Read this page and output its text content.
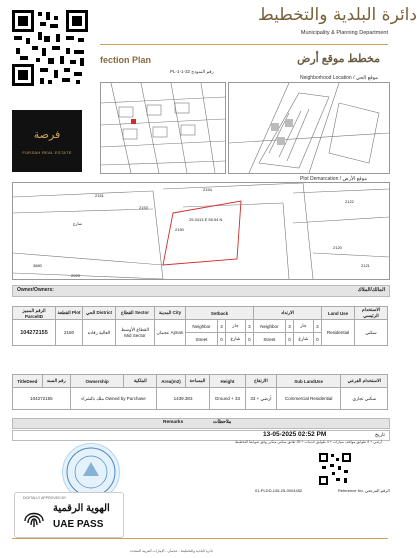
فرصة
FURSAH REAL ESTATE
دائرة البلدية والتخطيط
Municipality & Planning Department
fection Plan	مخطط موقع أرض
PL-1-1-32 رقم النموذج
Neighborhood Location / موقع الحي
Plot Demarcation / موقع الأرض
2151
2153
2150
2154
2122
2120
2121
2023
3880
شارع
25.3413 E 55.54 N
Owner/Owners:	المالك/الملاك
الرقم المميز ParcelID	القطعة Plot	الحي District	القطاع Sector	المدينة City	Setback				الارتداد				Land Use	الاستخدام الرئيسي
104272155	2150	العالية رقاده	القطاع الأوسط Mid Sector	عجمان Ajman	Neighbor	3	جار	3	Neighbor	3	جار	3	Residential	سكني
					Street	0	شارع	0	Street	0	شارع	0		
TitleDeed	رقم السند	Ownership	الملكية	Area(m2)	المساحة	Height	الارتفاع	Sub LandUse	الاستخدام الفرعي
104272155		ملك بالشراء Owned by Purchase		1439.383		Ground + 33	أرضي + 33	Commercial Residential	سكني تجاري
Remarks	ملاحظات
13-05-2025 02:52 PM	تاريخ
أرضي + 4 طوابق مواقف سيارات + 4 طوابق خدمات + 25 طابق سكني متكرر وفق ضوابط التخطيط
DIGITALLY APPROVED BY
الهوية الرقمية
UAE PASS
01-PLDD-145-25-0004452	Reference No. الرقم المرجعي
دائرة البلدية والتخطيط - عجمان - الإمارات العربية المتحدة
